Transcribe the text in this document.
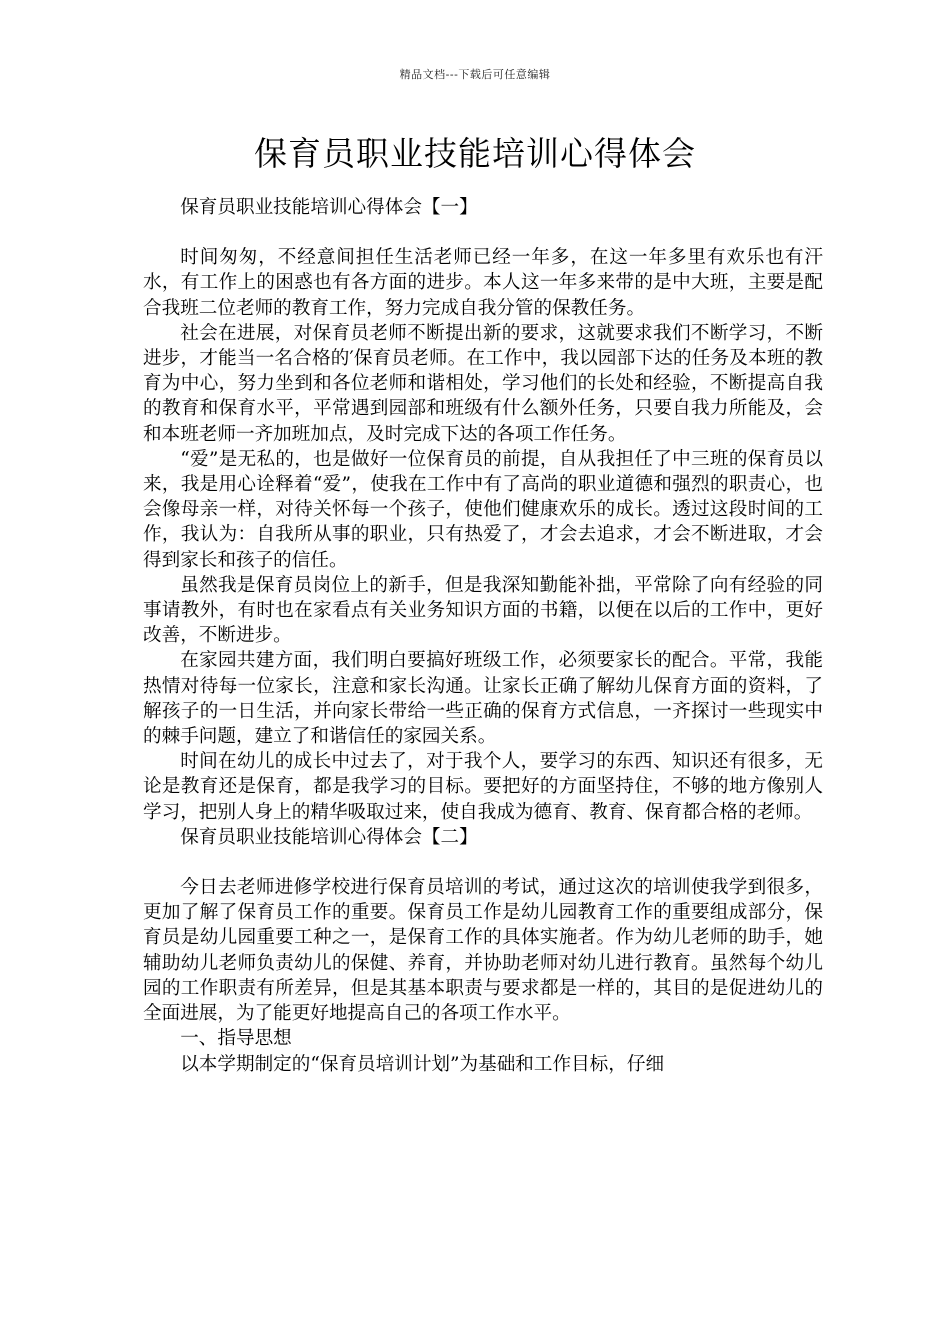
精品文档---下载后可任意编辑
保育员职业技能培训心得体会

保育员职业技能培训心得体会【一】

时间匆匆，不经意间担任生活老师已经一年多，在这一年多里有欢乐也有汗水，有工作上的困惑也有各方面的进步。本人这一年多来带的是中大班，主要是配合我班二位老师的教育工作，努力完成自我分管的保教任务。

社会在进展，对保育员老师不断提出新的要求，这就要求我们不断学习，不断进步，才能当一名合格的′保育员老师。在工作中，我以园部下达的任务及本班的教育为中心，努力坐到和各位老师和谐相处，学习他们的长处和经验，不断提高自我的教育和保育水平，平常遇到园部和班级有什么额外任务，只要自我力所能及，会和本班老师一齐加班加点，及时完成下达的各项工作任务。

“爱”是无私的，也是做好一位保育员的前提，自从我担任了中三班的保育员以来，我是用心诠释着“爱”，使我在工作中有了高尚的职业道德和强烈的职责心，也会像母亲一样，对待关怀每一个孩子，使他们健康欢乐的成长。透过这段时间的工作，我认为：自我所从事的职业，只有热爱了，才会去追求，才会不断进取，才会得到家长和孩子的信任。

虽然我是保育员岗位上的新手，但是我深知勤能补拙，平常除了向有经验的同事请教外，有时也在家看点有关业务知识方面的书籍，以便在以后的工作中，更好改善，不断进步。

在家园共建方面，我们明白要搞好班级工作，必须要家长的配合。平常，我能热情对待每一位家长，注意和家长沟通。让家长正确了解幼儿保育方面的资料，了解孩子的一日生活，并向家长带给一些正确的保育方式信息，一齐探讨一些现实中的棘手问题，建立了和谐信任的家园关系。

时间在幼儿的成长中过去了，对于我个人，要学习的东西、知识还有很多，无论是教育还是保育，都是我学习的目标。要把好的方面坚持住，不够的地方像别人学习，把别人身上的精华吸取过来，使自我成为德育、教育、保育都合格的老师。

保育员职业技能培训心得体会【二】

今日去老师进修学校进行保育员培训的考试，通过这次的培训使我学到很多，更加了解了保育员工作的重要。保育员工作是幼儿园教育工作的重要组成部分，保育员是幼儿园重要工种之一，是保育工作的具体实施者。作为幼儿老师的助手，她辅助幼儿老师负责幼儿的保健、养育，并协助老师对幼儿进行教育。虽然每个幼儿园的工作职责有所差异，但是其基本职责与要求都是一样的，其目的是促进幼儿的全面进展，为了能更好地提高自己的各项工作水平。

一、指导思想

以本学期制定的“保育员培训计划”为基础和工作目标，仔细
